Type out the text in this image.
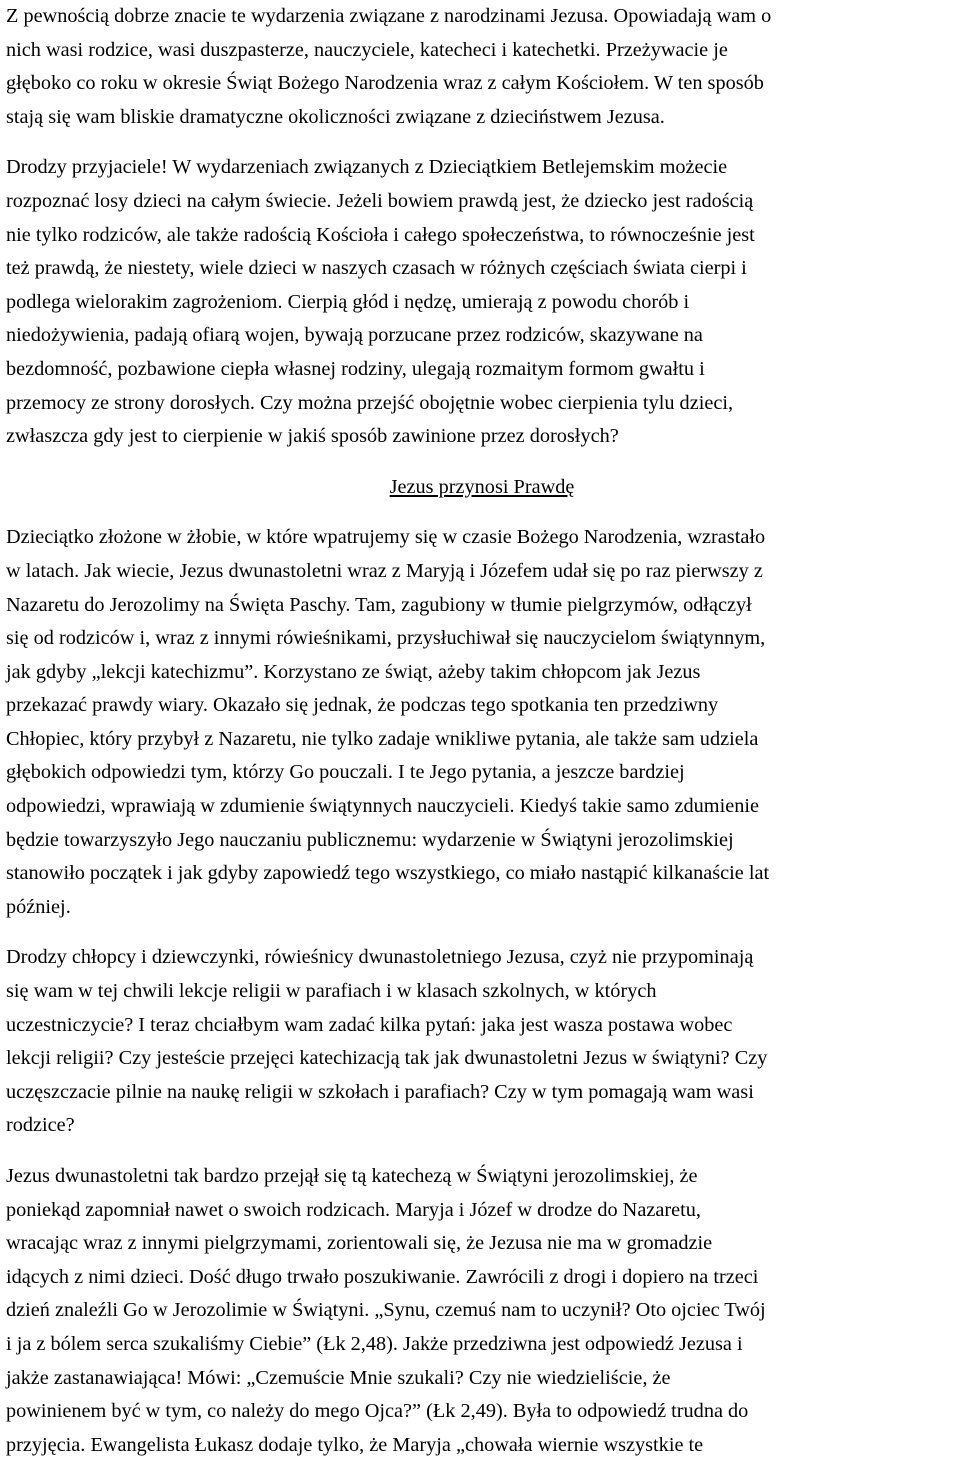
Z pewnością dobrze znacie te wydarzenia związane z narodzinami Jezusa. Opowiadają wam o
nich wasi rodzice, wasi duszpasterze, nauczyciele, katecheci i katechetki. Przeżywacie je
głęboko co roku w okresie Świąt Bożego Narodzenia wraz z całym Kościołem. W ten sposób
stają się wam bliskie dramatyczne okoliczności związane z dzieciństwem Jezusa.

Drodzy przyjaciele! W wydarzeniach związanych z Dzieciątkiem Betlejemskim możecie
rozpoznać losy dzieci na całym świecie. Jeżeli bowiem prawdą jest, że dziecko jest radością
nie tylko rodziców, ale także radością Kościoła i całego społeczeństwa, to równocześnie jest
też prawdą, że niestety, wiele dzieci w naszych czasach w różnych częściach świata cierpi i
podlega wielorakim zagrożeniom. Cierpią głód i nędzę, umierają z powodu chorób i
niedożywienia, padają ofiarą wojen, bywają porzucane przez rodziców, skazywane na
bezdomność, pozbawione ciepła własnej rodziny, ulegają rozmaitym formom gwałtu i
przemocy ze strony dorosłych. Czy można przejść obojętnie wobec cierpienia tylu dzieci,
zwłaszcza gdy jest to cierpienie w jakiś sposób zawinione przez dorosłych?

Jezus przynosi Prawdę

Dzieciątko złożone w żłobie, w które wpatrujemy się w czasie Bożego Narodzenia, wzrastało
w latach. Jak wiecie, Jezus dwunastoletni wraz z Maryją i Józefem udał się po raz pierwszy z
Nazaretu do Jerozolimy na Święta Paschy. Tam, zagubiony w tłumie pielgrzymów, odłączył
się od rodziców i, wraz z innymi rówieśnikami, przysłuchiwał się nauczycielom świątynnym,
jak gdyby „lekcji katechizmu”. Korzystano ze świąt, ażeby takim chłopcom jak Jezus
przekazać prawdy wiary. Okazało się jednak, że podczas tego spotkania ten przedziwny
Chłopiec, który przybył z Nazaretu, nie tylko zadaje wnikliwe pytania, ale także sam udziela
głębokich odpowiedzi tym, którzy Go pouczali. I te Jego pytania, a jeszcze bardziej
odpowiedzi, wprawiają w zdumienie świątynnych nauczycieli. Kiedyś takie samo zdumienie
będzie towarzyszyło Jego nauczaniu publicznemu: wydarzenie w Świątyni jerozolimskiej
stanowiło początek i jak gdyby zapowiedź tego wszystkiego, co miało nastąpić kilkanaście lat
później.

Drodzy chłopcy i dziewczynki, rówieśnicy dwunastoletniego Jezusa, czyż nie przypominają
się wam w tej chwili lekcje religii w parafiach i w klasach szkolnych, w których
uczestniczycie? I teraz chciałbym wam zadać kilka pytań: jaka jest wasza postawa wobec
lekcji religii? Czy jesteście przejęci katechizacją tak jak dwunastoletni Jezus w świątyni? Czy
uczęszczacie pilnie na naukę religii w szkołach i parafiach? Czy w tym pomagają wam wasi
rodzice?

Jezus dwunastoletni tak bardzo przejął się tą katechezą w Świątyni jerozolimskiej, że
poniekąd zapomniał nawet o swoich rodzicach. Maryja i Józef w drodze do Nazaretu,
wracając wraz z innymi pielgrzymami, zorientowali się, że Jezusa nie ma w gromadzie
idących z nimi dzieci. Dość długo trwało poszukiwanie. Zawrócili z drogi i dopiero na trzeci
dzień znaleźli Go w Jerozolimie w Świątyni. „Synu, czemuś nam to uczynił? Oto ojciec Twój
i ja z bólem serca szukaliśmy Ciebie” (Łk 2,48). Jakże przedziwna jest odpowiedź Jezusa i
jakże zastanawiająca! Mówi: „Czemuście Mnie szukali? Czy nie wiedzieliście, że
powinienem być w tym, co należy do mego Ojca?” (Łk 2,49). Była to odpowiedź trudna do
przyjęcia. Ewangelista Łukasz dodaje tylko, że Maryja „chowała wiernie wszystkie te
